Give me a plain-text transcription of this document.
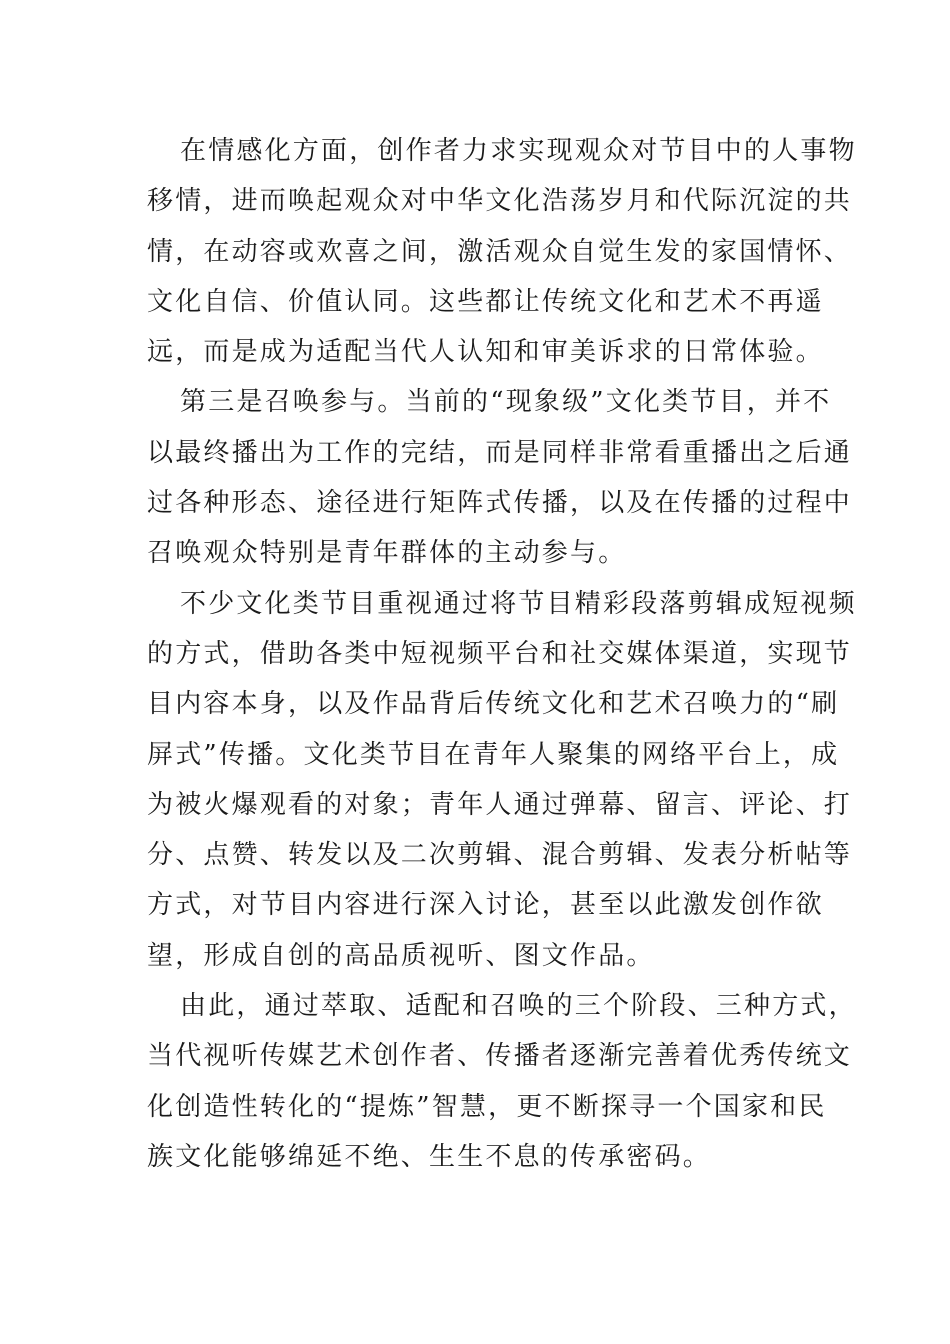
在情感化方面，创作者力求实现观众对节目中的人事物
移情，进而唤起观众对中华文化浩荡岁月和代际沉淀的共
情，在动容或欢喜之间，激活观众自觉生发的家国情怀、
文化自信、价值认同。这些都让传统文化和艺术不再遥
远，而是成为适配当代人认知和审美诉求的日常体验。
第三是召唤参与。当前的“现象级”文化类节目，并不
以最终播出为工作的完结，而是同样非常看重播出之后通
过各种形态、途径进行矩阵式传播，以及在传播的过程中
召唤观众特别是青年群体的主动参与。
不少文化类节目重视通过将节目精彩段落剪辑成短视频
的方式，借助各类中短视频平台和社交媒体渠道，实现节
目内容本身，以及作品背后传统文化和艺术召唤力的“刷
屏式”传播。文化类节目在青年人聚集的网络平台上，成
为被火爆观看的对象；青年人通过弹幕、留言、评论、打
分、点赞、转发以及二次剪辑、混合剪辑、发表分析帖等
方式，对节目内容进行深入讨论，甚至以此激发创作欲
望，形成自创的高品质视听、图文作品。
由此，通过萃取、适配和召唤的三个阶段、三种方式，
当代视听传媒艺术创作者、传播者逐渐完善着优秀传统文
化创造性转化的“提炼”智慧，更不断探寻一个国家和民
族文化能够绵延不绝、生生不息的传承密码。
